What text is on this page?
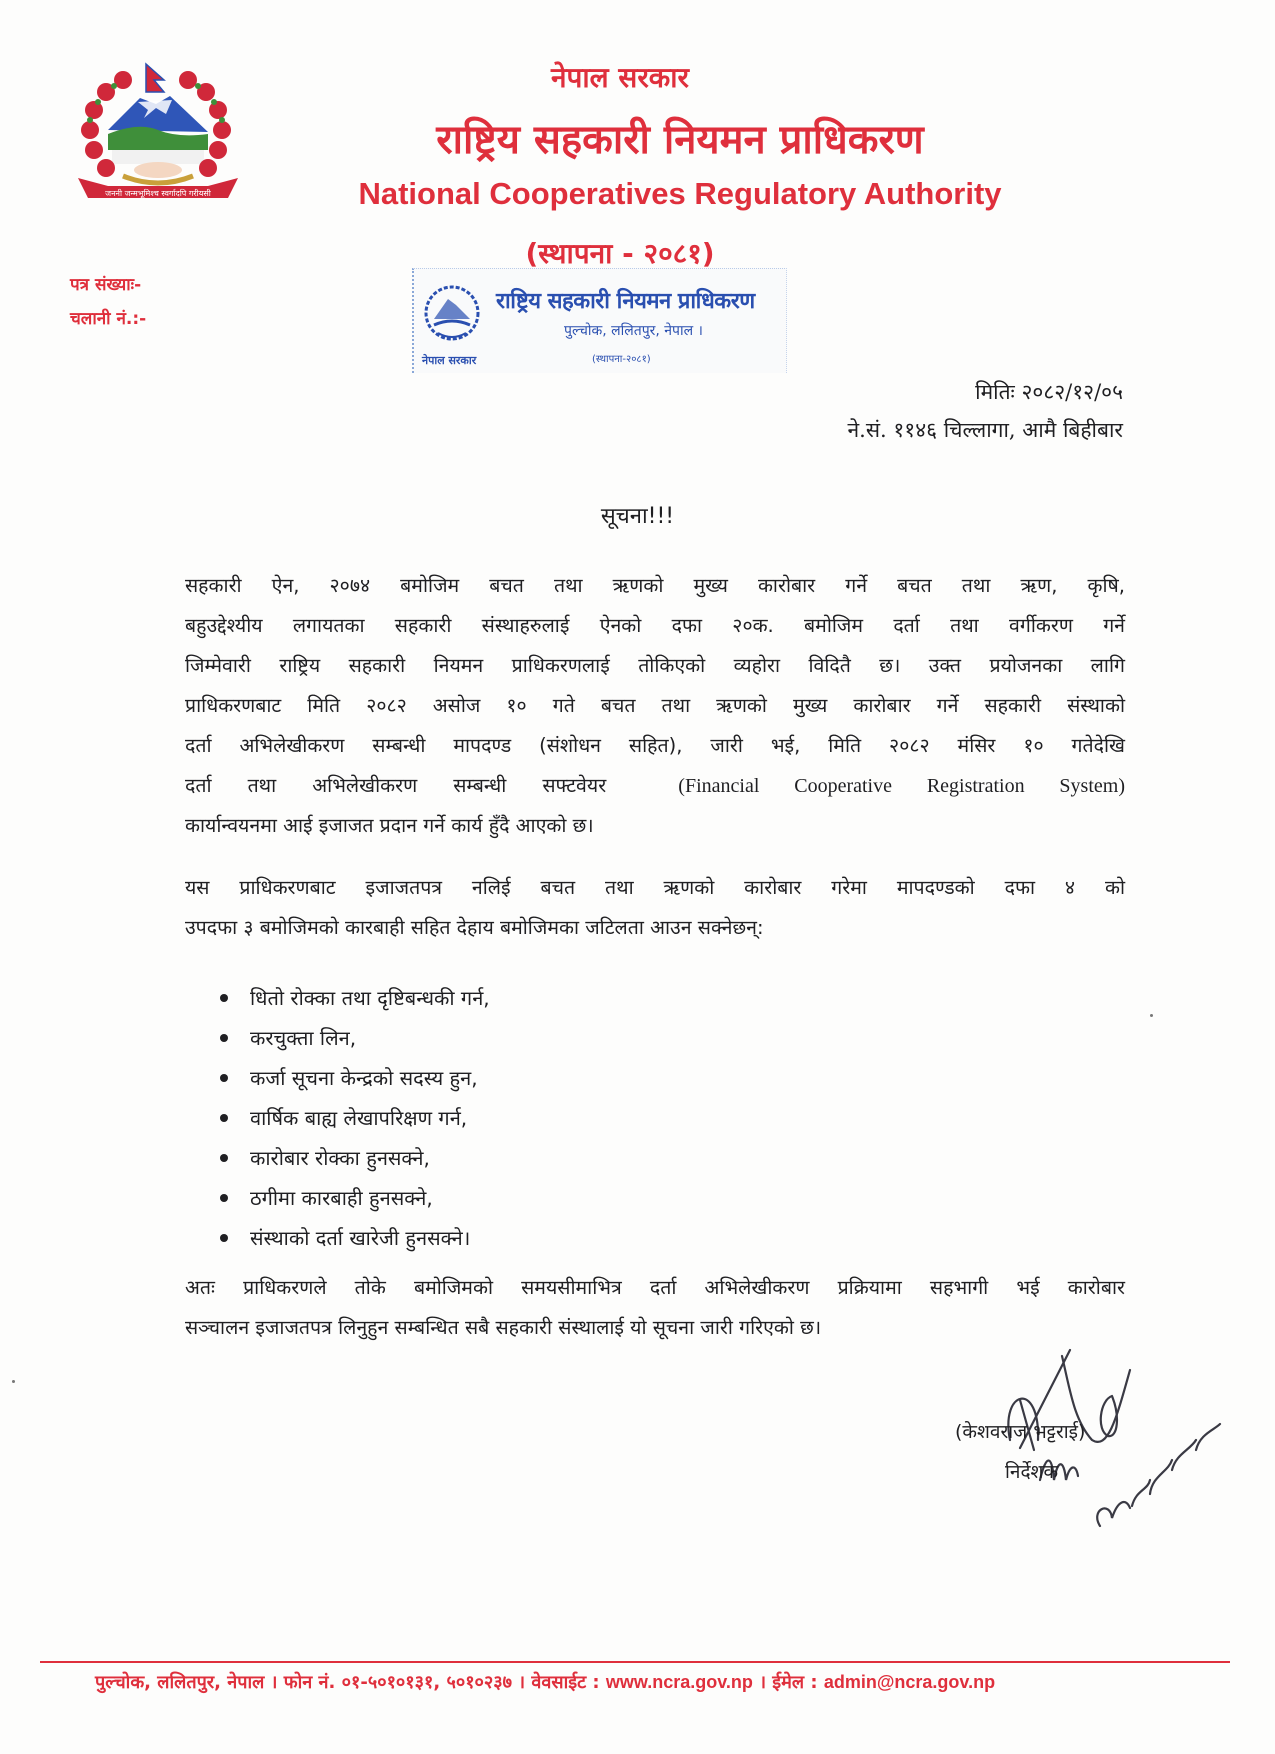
जननी जन्मभूमिश्च स्वर्गादपि गरीयसी
नेपाल सरकार
राष्ट्रिय सहकारी नियमन प्राधिकरण
National Cooperatives Regulatory Authority
(स्थापना - २०८१)
पत्र संख्याः-
चलानी नं.:-
राष्ट्रिय सहकारी नियमन प्राधिकरण
पुल्चोक, ललितपुर, नेपाल ।
(स्थापना-२०८१)
नेपाल सरकार
मितिः २०८२/१२/०५
ने.सं. ११४६ चिल्लागा, आमै बिहीबार
सूचना!!!
सहकारी ऐन, २०७४ बमोजिम बचत तथा ऋणको मुख्य कारोबार गर्ने बचत तथा ऋण, कृषि,
बहुउद्देश्यीय लगायतका सहकारी संस्थाहरुलाई ऐनको दफा २०क. बमोजिम दर्ता तथा वर्गीकरण गर्ने
जिम्मेवारी राष्ट्रिय सहकारी नियमन प्राधिकरणलाई तोकिएको व्यहोरा विदितै छ। उक्त प्रयोजनका लागि
प्राधिकरणबाट मिति २०८२ असोज १० गते बचत तथा ऋणको मुख्य कारोबार गर्ने सहकारी संस्थाको
दर्ता अभिलेखीकरण सम्बन्धी मापदण्ड (संशोधन सहित), जारी भई, मिति २०८२ मंसिर १० गतेदेखि
दर्ता तथा अभिलेखीकरण सम्बन्धी सफ्टवेयर	(Financial Cooperative Registration System)
कार्यान्वयनमा आई इजाजत प्रदान गर्ने कार्य हुँदै आएको छ।
यस प्राधिकरणबाट इजाजतपत्र नलिई बचत तथा ऋणको कारोबार गरेमा मापदण्डको दफा ४ को
उपदफा ३ बमोजिमको कारबाही सहित देहाय बमोजिमका जटिलता आउन सक्नेछन्:
धितो रोक्का तथा दृष्टिबन्धकी गर्न,
करचुक्ता लिन,
कर्जा सूचना केन्द्रको सदस्य हुन,
वार्षिक बाह्य लेखापरिक्षण गर्न,
कारोबार रोक्का हुनसक्ने,
ठगीमा कारबाही हुनसक्ने,
संस्थाको दर्ता खारेजी हुनसक्ने।
अतः प्राधिकरणले तोके बमोजिमको समयसीमाभित्र दर्ता अभिलेखीकरण प्रक्रियामा सहभागी भई कारोबार
सञ्चालन इजाजतपत्र लिनुहुन सम्बन्धित सबै सहकारी संस्थालाई यो सूचना जारी गरिएको छ।
(केशवराज भट्टराई)
निर्देशक
पुल्चोक, ललितपुर, नेपाल । फोन नं. ०१-५०१०१३१, ५०१०२३७ । वेवसाईट : www.ncra.gov.np । ईमेल : admin@ncra.gov.np
